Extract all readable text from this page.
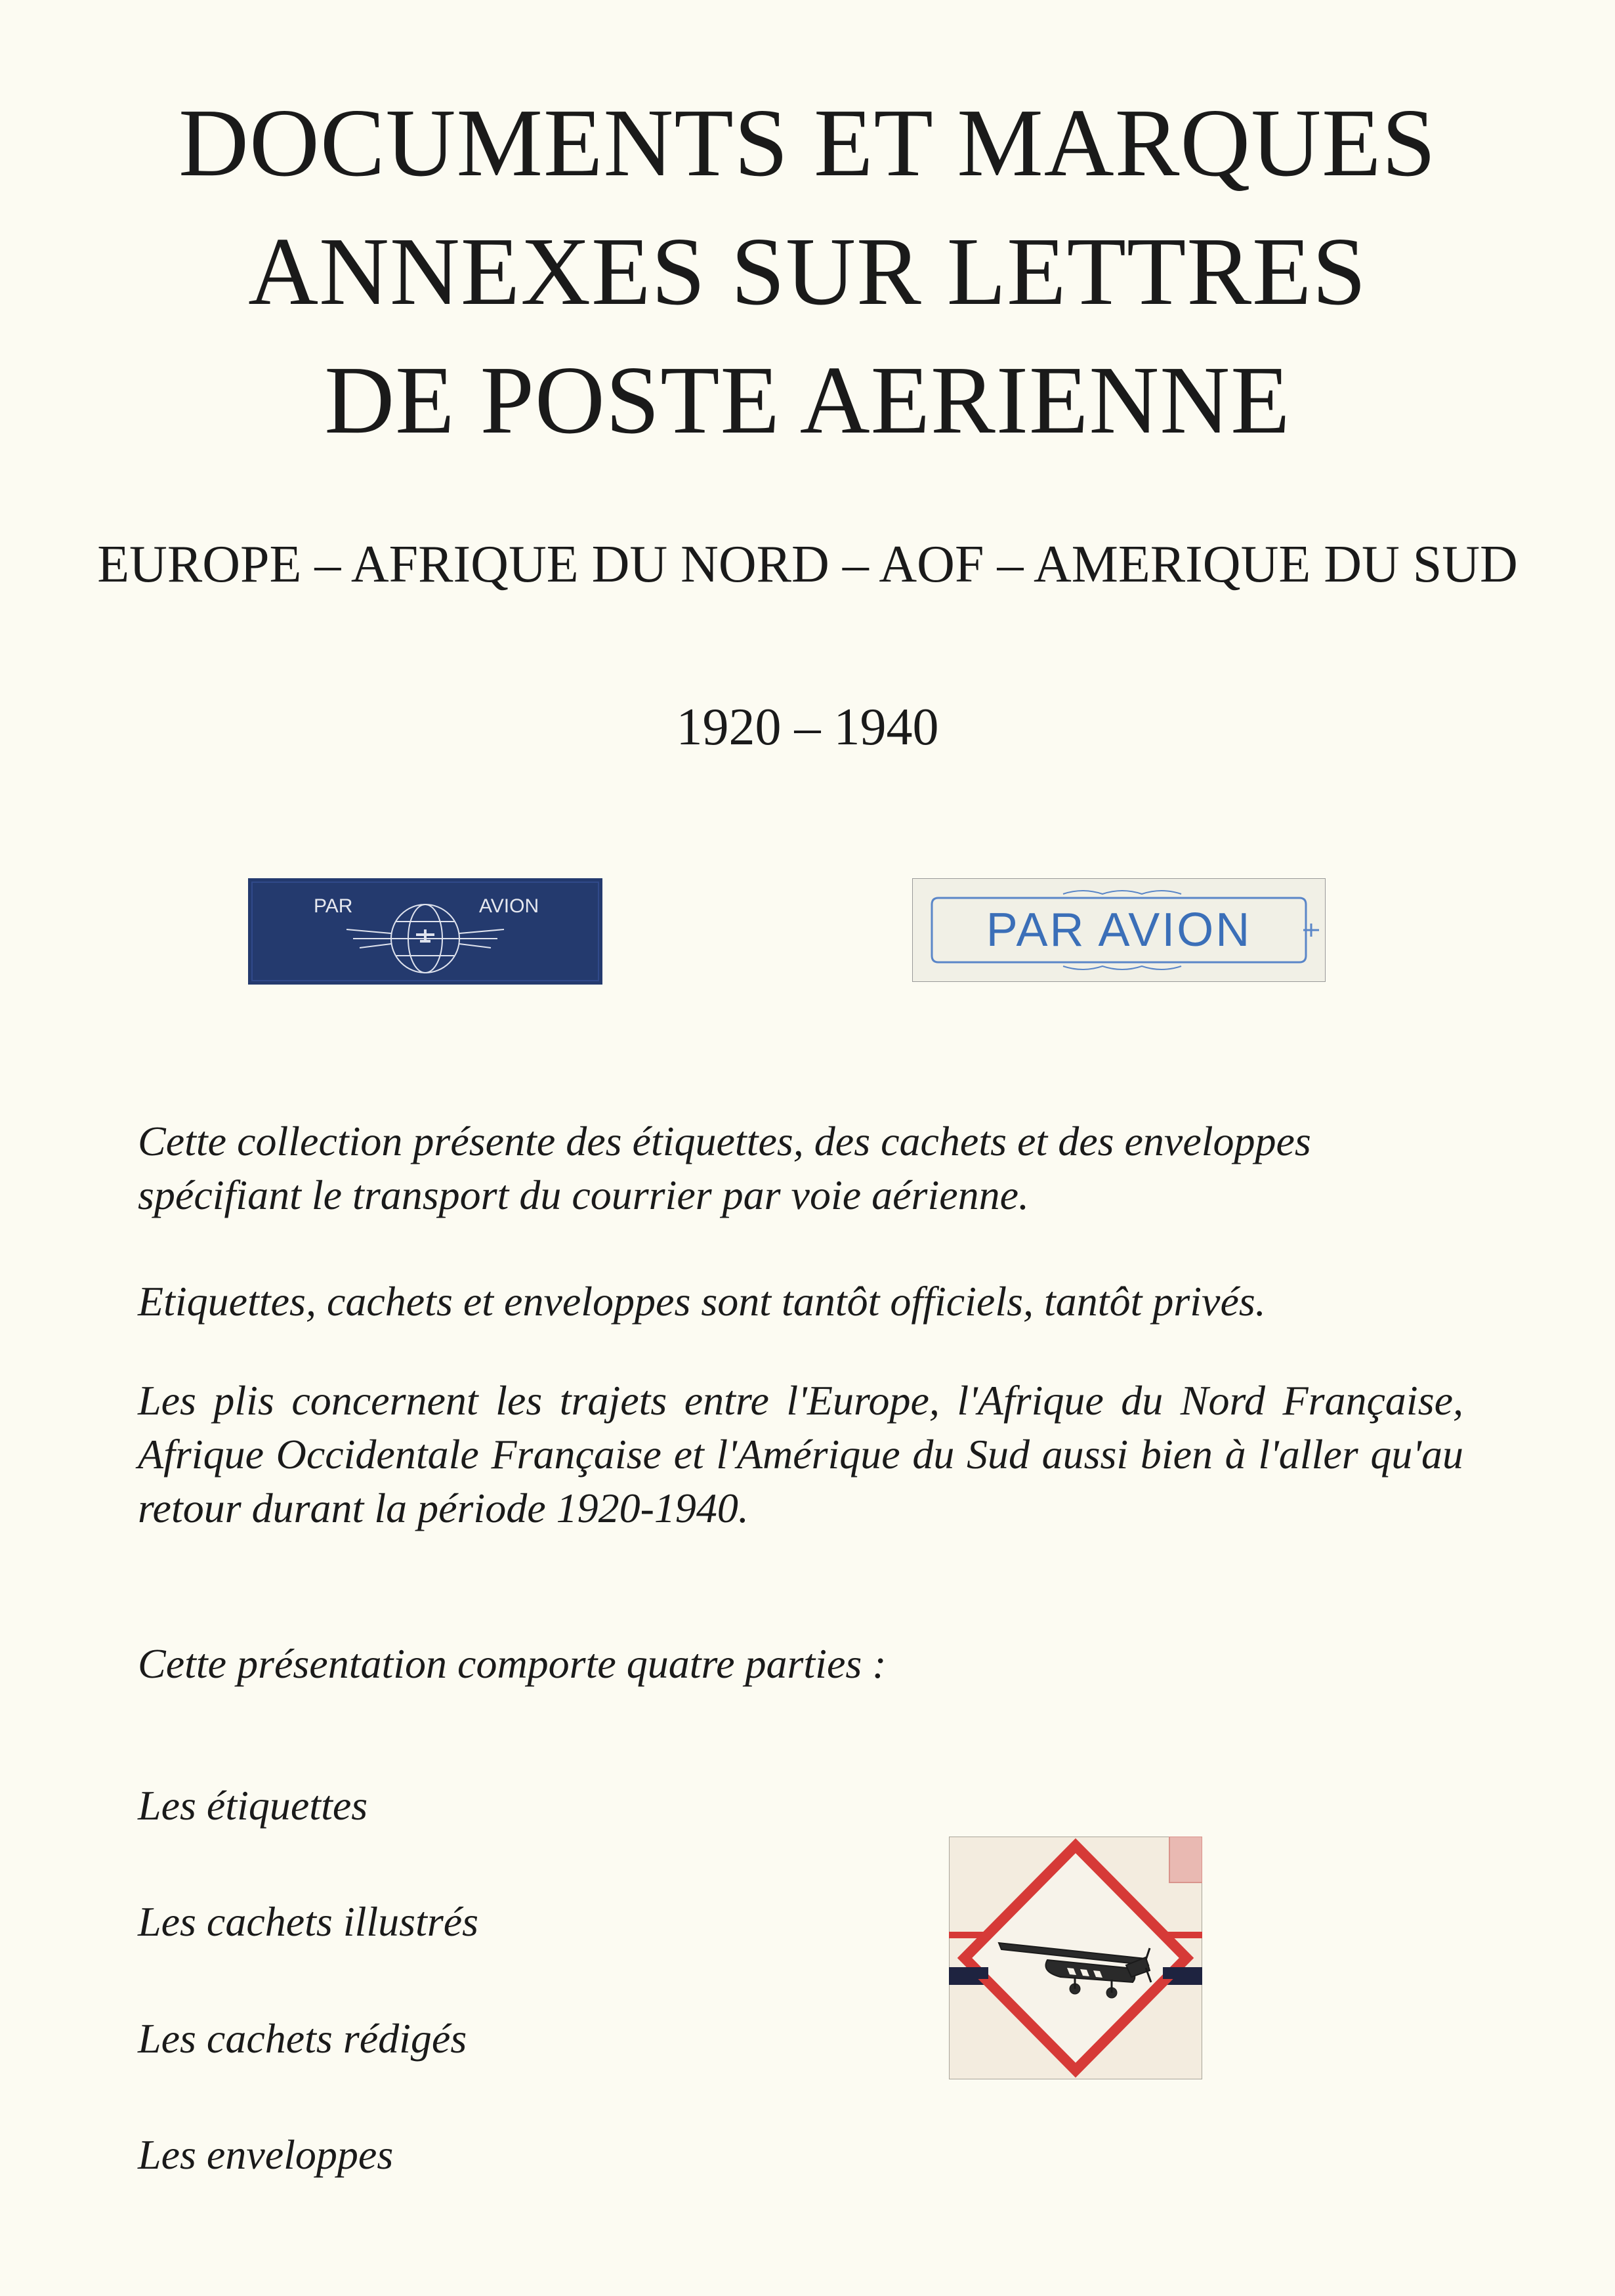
DOCUMENTS ET MARQUES
ANNEXES SUR LETTRES
DE POSTE AERIENNE
EUROPE – AFRIQUE DU NORD – AOF – AMERIQUE DU SUD
1920 – 1940
PAR	AVION	PAR AVION
Cette collection présente des étiquettes, des cachets et des enveloppes spécifiant le transport du courrier par voie aérienne.
Etiquettes, cachets et enveloppes sont tantôt officiels, tantôt privés.
Les plis concernent les trajets entre l'Europe, l'Afrique du Nord Française, Afrique Occidentale Française et l'Amérique du Sud aussi bien à l'aller qu'au retour durant la période 1920-1940.
Cette présentation comporte quatre parties :
Les étiquettes
Les cachets illustrés
Les cachets rédigés
Les enveloppes
